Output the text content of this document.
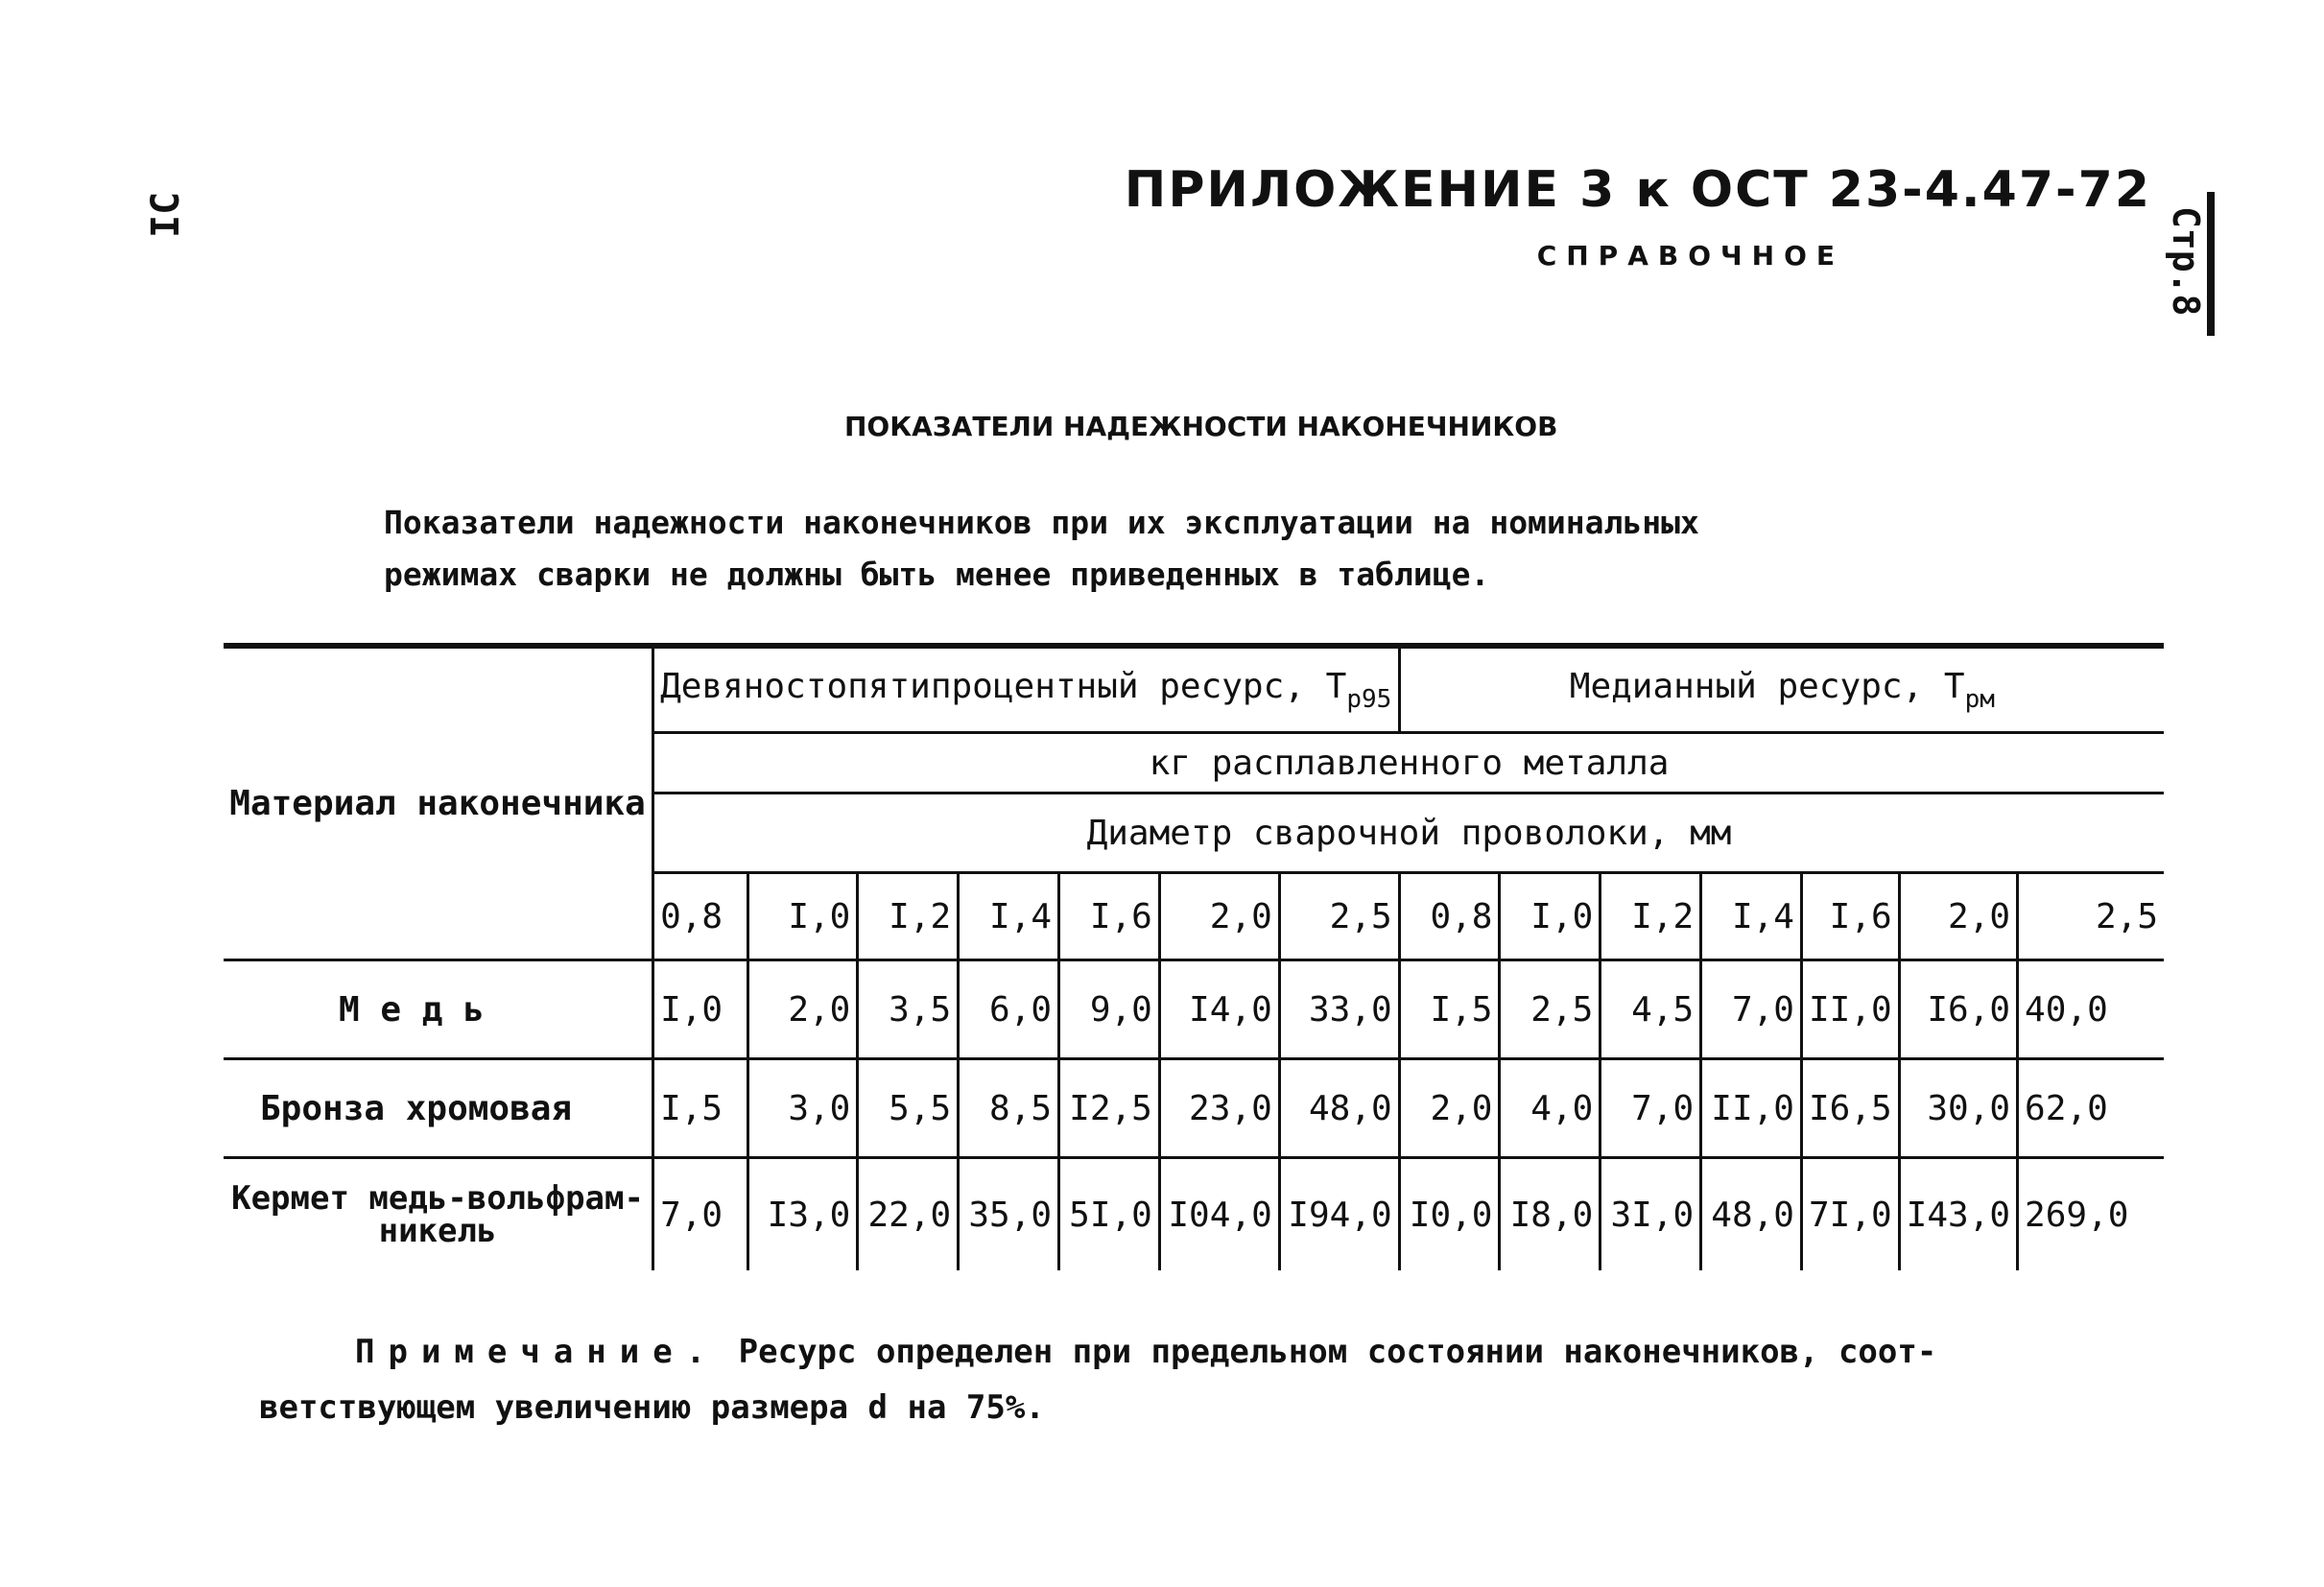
IC	Стр.8
ПРИЛОЖЕНИЕ 3 к ОСТ 23-4.47-72
СПРАВОЧНОЕ
ПОКАЗАТЕЛИ НАДЕЖНОСТИ НАКОНЕЧНИКОВ
Показатели надежности наконечников при их эксплуатации на номинальных
режимах сварки не должны быть менее приведенных в таблице.
Материал наконечника	Девяностопятипроцентный ресурс, $T_{р95}$							Медианный ресурс, $T_{рм}$
	кг расплавленного металла													
	Диаметр сварочной проволоки, мм													
	0,8	I,0	I,2	I,4	I,6	2,0	2,5	0,8	I,0	I,2	I,4	I,6	2,0	2,5
М е д ь	I,0	2,0	3,5	6,0	9,0	I4,0	33,0	I,5	2,5	4,5	7,0	II,0	I6,0	40,0
Бронза хромовая	I,5	3,0	5,5	8,5	I2,5	23,0	48,0	2,0	4,0	7,0	II,0	I6,5	30,0	62,0
Кермет медь-вольфрам-никель	7,0	I3,0	22,0	35,0	5I,0	I04,0	I94,0	I0,0	I8,0	3I,0	48,0	7I,0	I43,0	269,0
Примечание. Ресурс определен при предельном состоянии наконечников, соот-
ветствующем увеличению размера d на 75%.
